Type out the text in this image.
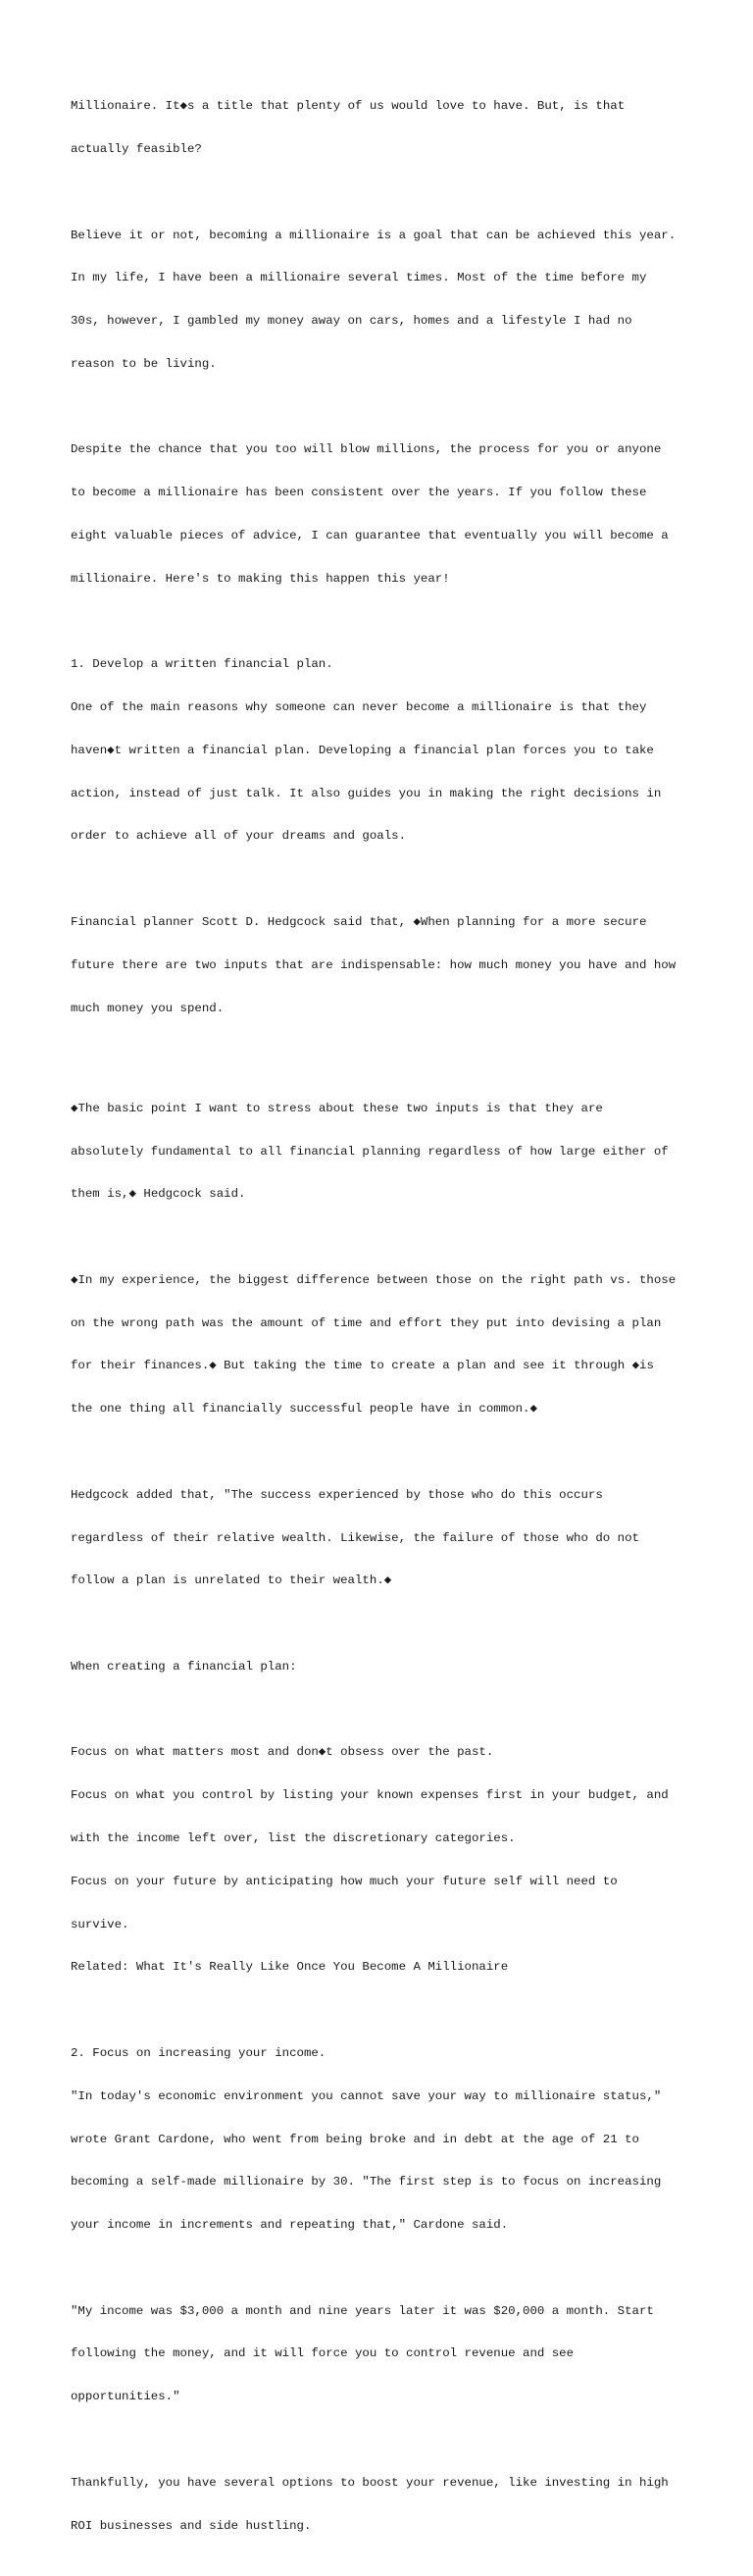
Millionaire. It◆s a title that plenty of us would love to have. But, is that

actually feasible?

Believe it or not, becoming a millionaire is a goal that can be achieved this year.

In my life, I have been a millionaire several times. Most of the time before my

30s, however, I gambled my money away on cars, homes and a lifestyle I had no

reason to be living.

Despite the chance that you too will blow millions, the process for you or anyone

to become a millionaire has been consistent over the years. If you follow these

eight valuable pieces of advice, I can guarantee that eventually you will become a

millionaire. Here's to making this happen this year!

1. Develop a written financial plan.

One of the main reasons why someone can never become a millionaire is that they

haven◆t written a financial plan. Developing a financial plan forces you to take

action, instead of just talk. It also guides you in making the right decisions in

order to achieve all of your dreams and goals.

Financial planner Scott D. Hedgcock said that, ◆When planning for a more secure

future there are two inputs that are indispensable: how much money you have and how

much money you spend.

◆The basic point I want to stress about these two inputs is that they are

absolutely fundamental to all financial planning regardless of how large either of

them is,◆ Hedgcock said.

◆In my experience, the biggest difference between those on the right path vs. those

on the wrong path was the amount of time and effort they put into devising a plan

for their finances.◆ But taking the time to create a plan and see it through ◆is

the one thing all financially successful people have in common.◆

Hedgcock added that, "The success experienced by those who do this occurs

regardless of their relative wealth. Likewise, the failure of those who do not

follow a plan is unrelated to their wealth.◆

When creating a financial plan:

Focus on what matters most and don◆t obsess over the past.

Focus on what you control by listing your known expenses first in your budget, and

with the income left over, list the discretionary categories.

Focus on your future by anticipating how much your future self will need to

survive.

Related: What It's Really Like Once You Become A Millionaire

2. Focus on increasing your income.

"In today's economic environment you cannot save your way to millionaire status,"

wrote Grant Cardone, who went from being broke and in debt at the age of 21 to

becoming a self-made millionaire by 30. "The first step is to focus on increasing

your income in increments and repeating that," Cardone said.

"My income was $3,000 a month and nine years later it was $20,000 a month. Start

following the money, and it will force you to control revenue and see

opportunities."

Thankfully, you have several options to boost your revenue, like investing in high

ROI businesses and side hustling.
